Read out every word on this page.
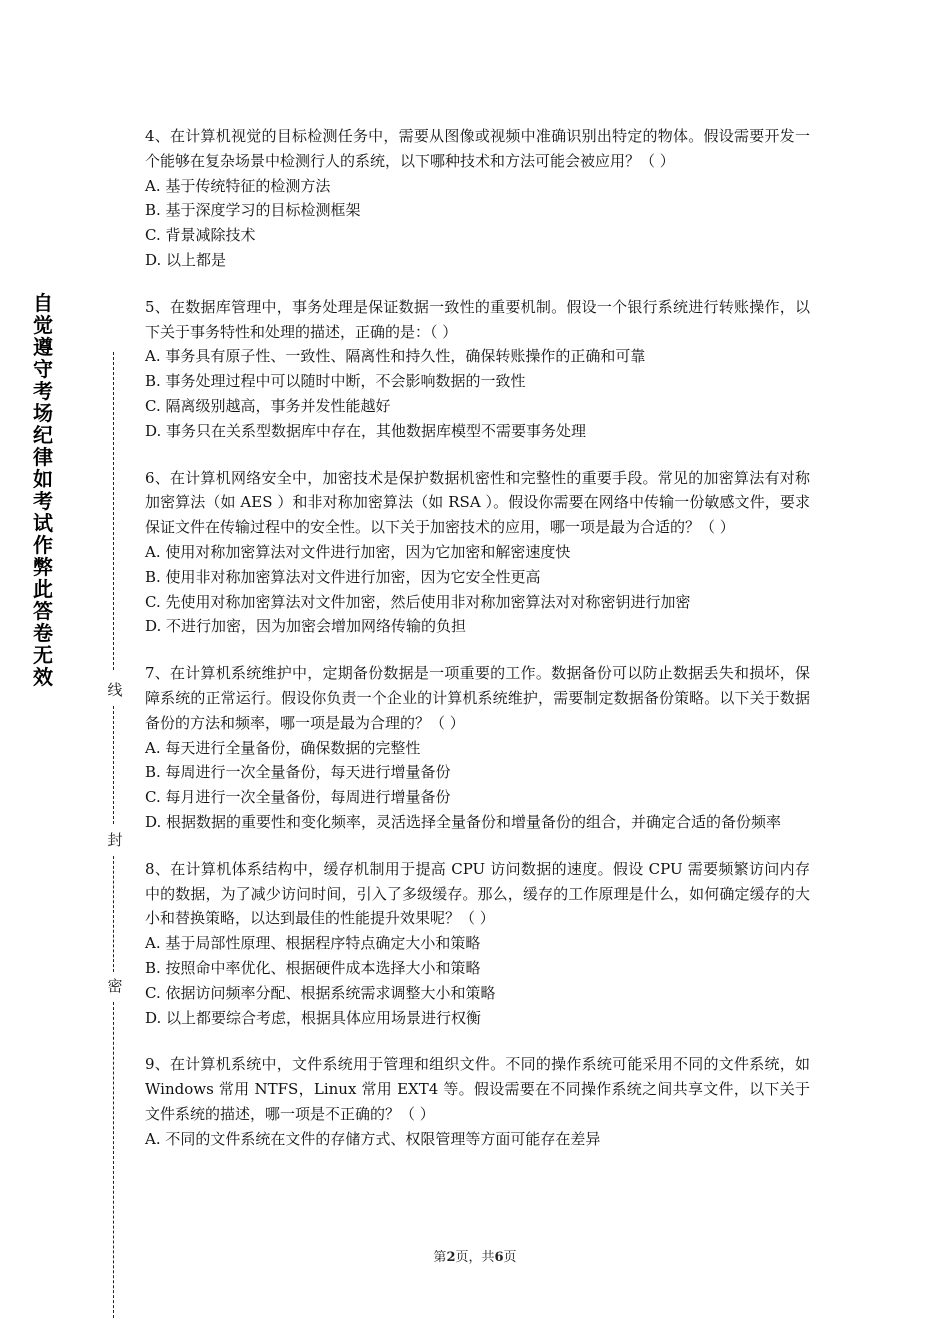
自觉遵守考场纪律如考试作弊此答卷无效
线
封
密

4、在计算机视觉的目标检测任务中，需要从图像或视频中准确识别出特定的物体。假设需要开发一个能够在复杂场景中检测行人的系统，以下哪种技术和方法可能会被应用？（ ）

A. 基于传统特征的检测方法

B. 基于深度学习的目标检测框架

C. 背景减除技术

D. 以上都是

5、在数据库管理中，事务处理是保证数据一致性的重要机制。假设一个银行系统进行转账操作，以下关于事务特性和处理的描述，正确的是：（ ）

A. 事务具有原子性、一致性、隔离性和持久性，确保转账操作的正确和可靠

B. 事务处理过程中可以随时中断，不会影响数据的一致性

C. 隔离级别越高，事务并发性能越好

D. 事务只在关系型数据库中存在，其他数据库模型不需要事务处理

6、在计算机网络安全中，加密技术是保护数据机密性和完整性的重要手段。常见的加密算法有对称加密算法（如 AES ）和非对称加密算法（如 RSA ）。假设你需要在网络中传输一份敏感文件，要求保证文件在传输过程中的安全性。以下关于加密技术的应用，哪一项是最为合适的？（ ）

A. 使用对称加密算法对文件进行加密，因为它加密和解密速度快

B. 使用非对称加密算法对文件进行加密，因为它安全性更高

C. 先使用对称加密算法对文件加密，然后使用非对称加密算法对对称密钥进行加密

D. 不进行加密，因为加密会增加网络传输的负担

7、在计算机系统维护中，定期备份数据是一项重要的工作。数据备份可以防止数据丢失和损坏，保障系统的正常运行。假设你负责一个企业的计算机系统维护，需要制定数据备份策略。以下关于数据备份的方法和频率，哪一项是最为合理的？（ ）

A. 每天进行全量备份，确保数据的完整性

B. 每周进行一次全量备份，每天进行增量备份

C. 每月进行一次全量备份，每周进行增量备份

D. 根据数据的重要性和变化频率，灵活选择全量备份和增量备份的组合，并确定合适的备份频率

8、在计算机体系结构中，缓存机制用于提高 CPU 访问数据的速度。假设 CPU 需要频繁访问内存中的数据，为了减少访问时间，引入了多级缓存。那么，缓存的工作原理是什么，如何确定缓存的大小和替换策略，以达到最佳的性能提升效果呢？（ ）

A. 基于局部性原理、根据程序特点确定大小和策略

B. 按照命中率优化、根据硬件成本选择大小和策略

C. 依据访问频率分配、根据系统需求调整大小和策略

D. 以上都要综合考虑，根据具体应用场景进行权衡

9、在计算机系统中，文件系统用于管理和组织文件。不同的操作系统可能采用不同的文件系统，如 Windows 常用 NTFS，Linux 常用 EXT4 等。假设需要在不同操作系统之间共享文件，以下关于文件系统的描述，哪一项是不正确的？（ ）

A. 不同的文件系统在文件的存储方式、权限管理等方面可能存在差异

第2页，共6页
